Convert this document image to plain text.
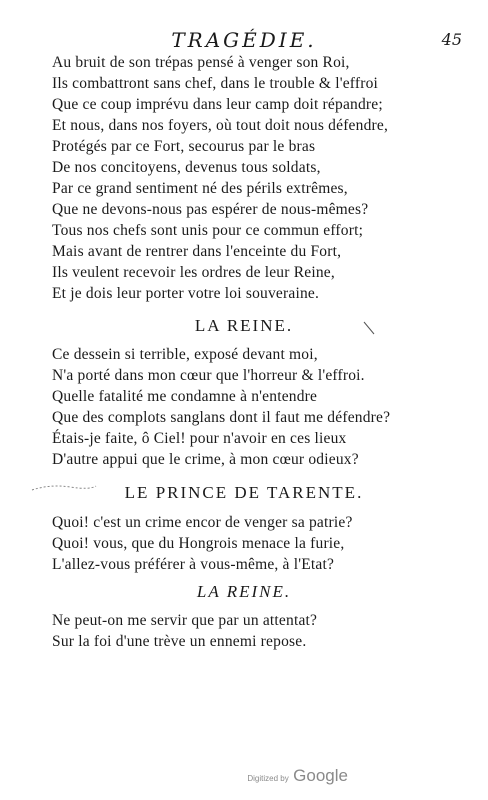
TRAGÉDIE.	45
Au bruit de son trépas pensé à venger son Roi,
Ils combattront sans chef, dans le trouble & l'effroi
Que ce coup imprévu dans leur camp doit répandre;
Et nous, dans nos foyers, où tout doit nous défendre,
Protégés par ce Fort, secourus par le bras
De nos concitoyens, devenus tous soldats,
Par ce grand sentiment né des périls extrêmes,
Que ne devons-nous pas espérer de nous-mêmes?
Tous nos chefs sont unis pour ce commun effort;
Mais avant de rentrer dans l'enceinte du Fort,
Ils veulent recevoir les ordres de leur Reine,
Et je dois leur porter votre loi souveraine.
LA REINE.
Ce dessein si terrible, exposé devant moi,
N'a porté dans mon cœur que l'horreur & l'effroi.
Quelle fatalité me condamne à n'entendre
Que des complots sanglans dont il faut me défendre?
Étais-je faite, ô Ciel! pour n'avoir en ces lieux
D'autre appui que le crime, à mon cœur odieux?
LE PRINCE DE TARENTE.
Quoi! c'est un crime encor de venger sa patrie?
Quoi! vous, que du Hongrois menace la furie,
L'allez-vous préférer à vous-même, à l'Etat?
LA REINE.
Ne peut-on me servir que par un attentat?
Sur la foi d'une trève un ennemi repose.
Digitized by Google
